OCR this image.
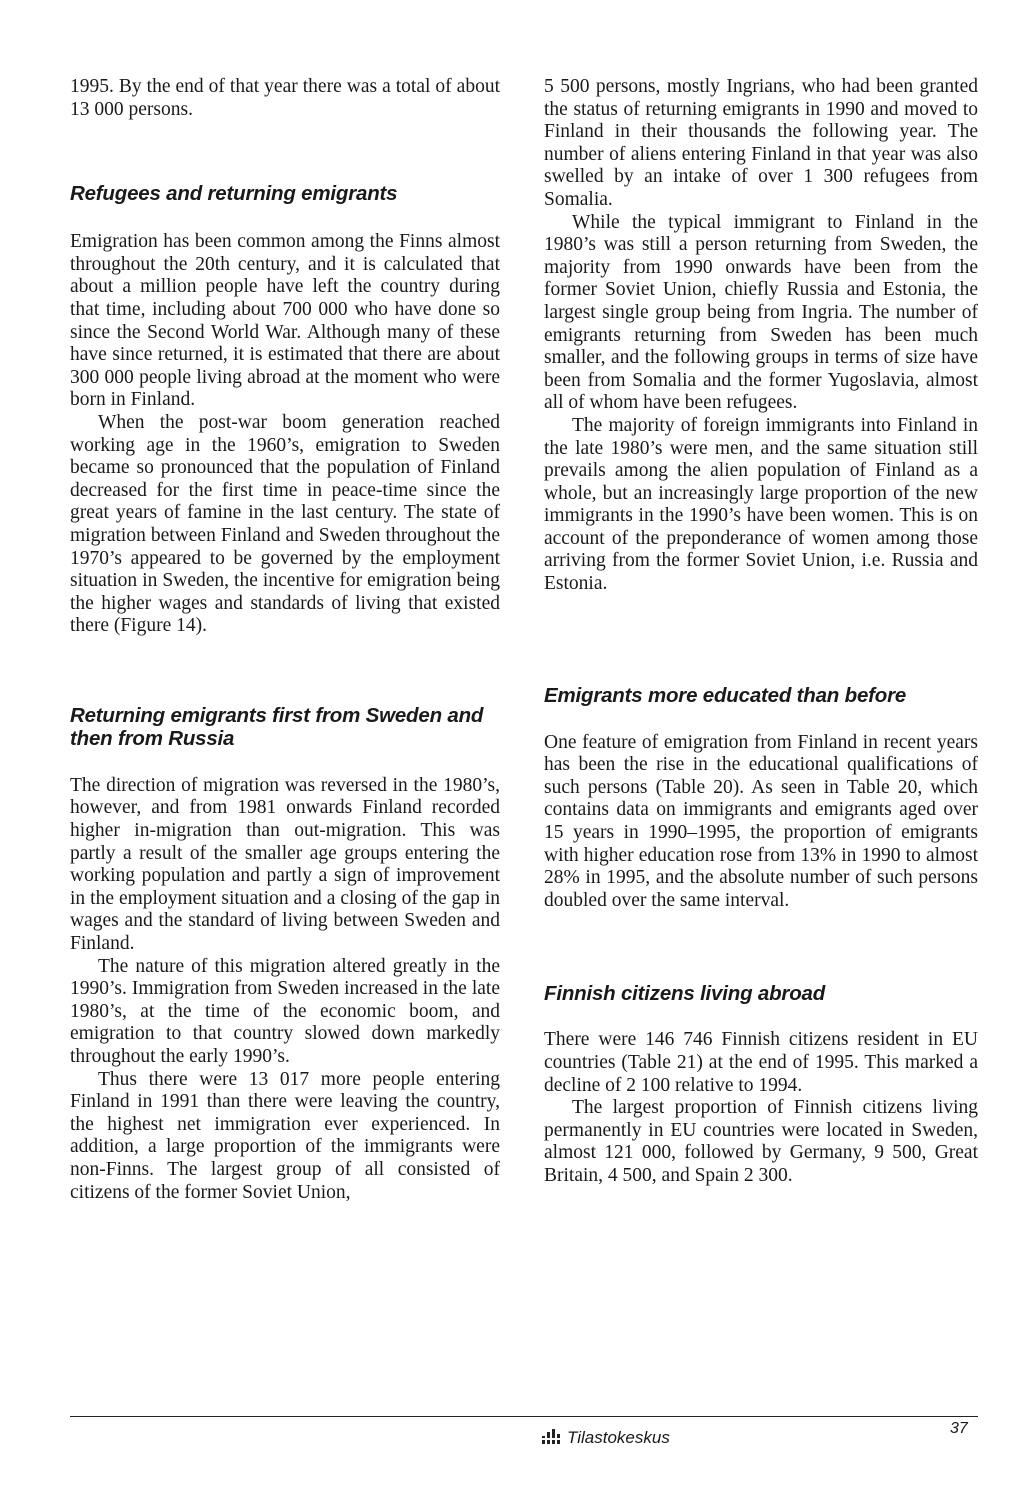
1995. By the end of that year there was a total of about 13 000 persons.

Refugees and returning emigrants

Emigration has been common among the Finns almost throughout the 20th century, and it is calculated that about a million people have left the country during that time, including about 700 000 who have done so since the Second World War. Although many of these have since returned, it is estimated that there are about 300 000 people living abroad at the moment who were born in Finland.

When the post-war boom generation reached working age in the 1960’s, emigration to Sweden became so pronounced that the population of Finland decreased for the first time in peace-time since the great years of famine in the last century. The state of migration between Finland and Sweden throughout the 1970’s appeared to be governed by the employment situation in Sweden, the incentive for emigration being the higher wages and standards of living that existed there (Figure 14).

Returning emigrants first from Sweden and then from Russia

The direction of migration was reversed in the 1980’s, however, and from 1981 onwards Finland recorded higher in-migration than out-migration. This was partly a result of the smaller age groups entering the working population and partly a sign of improvement in the employment situation and a closing of the gap in wages and the standard of living between Sweden and Finland.

The nature of this migration altered greatly in the 1990’s. Immigration from Sweden increased in the late 1980’s, at the time of the economic boom, and emigration to that country slowed down markedly throughout the early 1990’s.

Thus there were 13 017 more people entering Finland in 1991 than there were leaving the country, the highest net immigration ever experienced. In addition, a large proportion of the immigrants were non-Finns. The largest group of all consisted of citizens of the former Soviet Union,

5 500 persons, mostly Ingrians, who had been granted the status of returning emigrants in 1990 and moved to Finland in their thousands the following year. The number of aliens entering Finland in that year was also swelled by an intake of over 1 300 refugees from Somalia.

While the typical immigrant to Finland in the 1980’s was still a person returning from Sweden, the majority from 1990 onwards have been from the former Soviet Union, chiefly Russia and Estonia, the largest single group being from Ingria. The number of emigrants returning from Sweden has been much smaller, and the following groups in terms of size have been from Somalia and the former Yugoslavia, almost all of whom have been refugees.

The majority of foreign immigrants into Finland in the late 1980’s were men, and the same situation still prevails among the alien population of Finland as a whole, but an increasingly large proportion of the new immigrants in the 1990’s have been women. This is on account of the preponderance of women among those arriving from the former Soviet Union, i.e. Russia and Estonia.

Emigrants more educated than before

One feature of emigration from Finland in recent years has been the rise in the educational qualifications of such persons (Table 20). As seen in Table 20, which contains data on immigrants and emigrants aged over 15 years in 1990–1995, the proportion of emigrants with higher education rose from 13% in 1990 to almost 28% in 1995, and the absolute number of such persons doubled over the same interval.

Finnish citizens living abroad

There were 146 746 Finnish citizens resident in EU countries (Table 21) at the end of 1995. This marked a decline of 2 100 relative to 1994.

The largest proportion of Finnish citizens living permanently in EU countries were located in Sweden, almost 121 000, followed by Germany, 9 500, Great Britain, 4 500, and Spain 2 300.

Tilastokeskus	37
